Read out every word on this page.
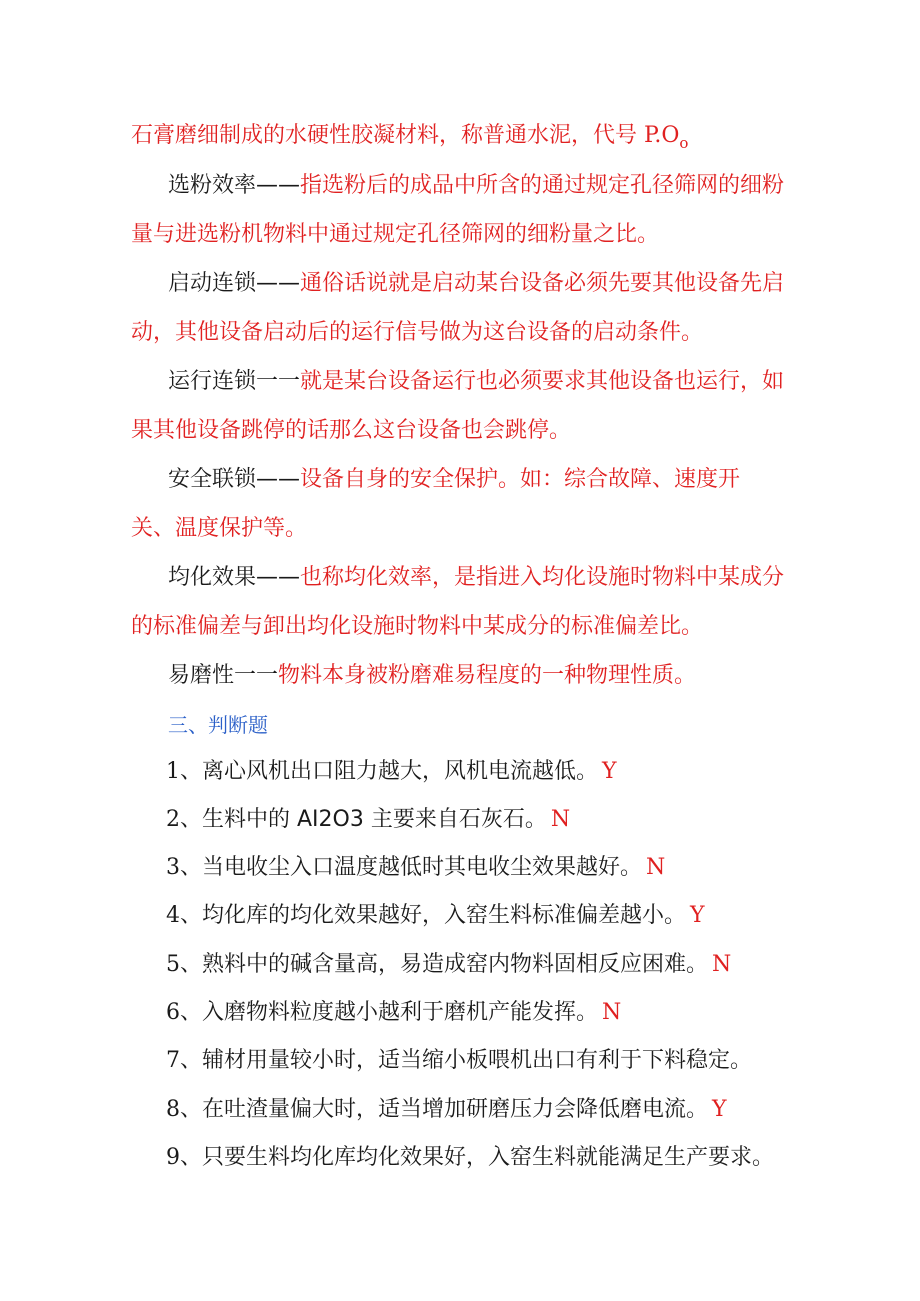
石膏磨细制成的水硬性胶凝材料，称普通水泥，代号 $P.O_o$
选粉效率——指选粉后的成品中所含的通过规定孔径筛网的细粉
量与进选粉机物料中通过规定孔径筛网的细粉量之比。
启动连锁——通俗话说就是启动某台设备必须先要其他设备先启
动，其他设备启动后的运行信号做为这台设备的启动条件。
运行连锁一一就是某台设备运行也必须要求其他设备也运行，如
果其他设备跳停的话那么这台设备也会跳停。
安全联锁——设备自身的安全保护。如：综合故障、速度开
关、温度保护等。
均化效果——也称均化效率，是指进入均化设施时物料中某成分
的标准偏差与卸出均化设施时物料中某成分的标准偏差比。
易磨性一一物料本身被粉磨难易程度的一种物理性质。
三、判断题
1、离心风机出口阻力越大，风机电流越低。 Y
2、生料中的 AI2O3 主要来自石灰石。 N
3、当电收尘入口温度越低时其电收尘效果越好。 N
4、均化库的均化效果越好，入窑生料标准偏差越小。 Y
5、熟料中的碱含量高，易造成窑内物料固相反应困难。 N
6、入磨物料粒度越小越利于磨机产能发挥。 N
7、辅材用量较小时，适当缩小板喂机出口有利于下料稳定。
8、在吐渣量偏大时，适当增加研磨压力会降低磨电流。 Y
9、只要生料均化库均化效果好，入窑生料就能满足生产要求。
